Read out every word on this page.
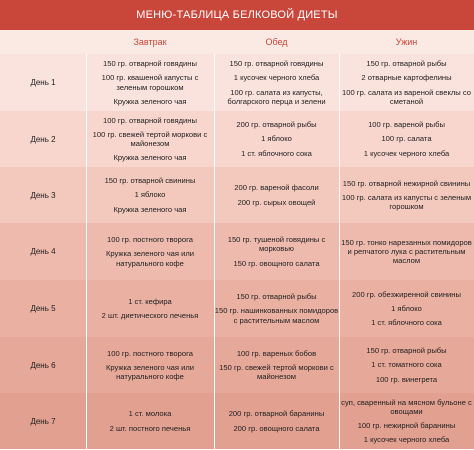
МЕНЮ-ТАБЛИЦА БЕЛКОВОЙ ДИЕТЫ
Завтрак	Обед	Ужин
День 1
150 гр. отварной говядины
100 гр. квашеной капусты с зеленым горошком
Кружка зеленого чая
150 гр. отварной говядины
1 кусочек черного хлеба
100 гр. салата из капусты, болгарского перца и зелени
150 гр. отварной рыбы
2 отварные картофелины
100 гр. салата из вареной свеклы со сметаной
День 2
100 гр. отварной говядины
100 гр. свежей тертой моркови с майонезом
Кружка зеленого чая
200 гр. отварной рыбы
1 яблоко
1 ст. яблочного сока
100 гр. вареной рыбы
100 гр. салата
1 кусочек черного хлеба
День 3
150 гр. отварной свинины
1 яблоко
Кружка зеленого чая
200 гр. вареной фасоли
200 гр. сырых овощей
150 гр. отварной нежирной свинины
100 гр. салата из капусты с зеленым горошком
День 4
100 гр. постного творога
Кружка зеленого чая или натурального кофе
150 гр. тушеной говядины с морковью
150 гр. овощного салата
150 гр. тонко нарезанных помидоров и репчатого лука с растительным маслом
День 5
1 ст. кефира
2 шт. диетического печенья
150 гр. отварной рыбы
150 гр. нашинкованных помидоров с растительным маслом
200 гр. обезжиренной свинины
1 яблоко
1 ст. яблочного сока
День 6
100 гр. постного творога
Кружка зеленого чая или натурального кофе
100 гр. вареных бобов
150 гр. свежей тертой моркови с майонезом
150 гр. отварной рыбы
1 ст. томатного сока
100 гр. винегрета
День 7
1 ст. молока
2 шт. постного печенья
200 гр. отварной баранины
200 гр. овощного салата
суп, сваренный на мясном бульоне с овощами
100 гр. нежирной баранины
1 кусочек черного хлеба
